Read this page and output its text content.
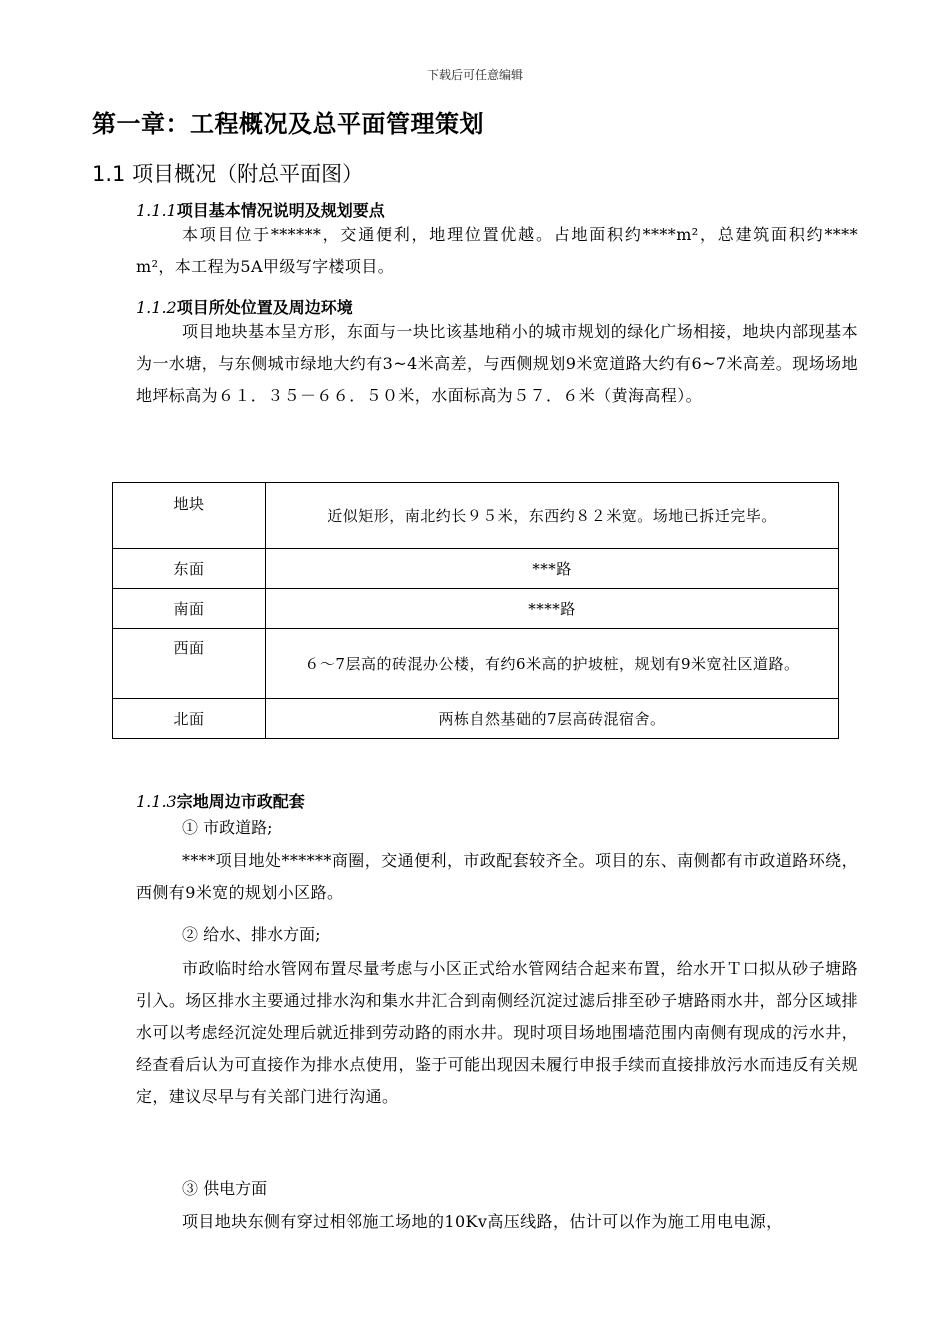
下载后可任意编辑
第一章：工程概况及总平面管理策划
1.1 项目概况（附总平面图）
1.1.1项目基本情况说明及规划要点
本项目位于******，交通便利，地理位置优越。占地面积约****m²，总建筑面积约**** m²，本工程为5A甲级写字楼项目。
1.1.2项目所处位置及周边环境
项目地块基本呈方形，东面与一块比该基地稍小的城市规划的绿化广场相接，地块内部现基本为一水塘，与东侧城市绿地大约有3~4米高差，与西侧规划9米宽道路大约有6~7米高差。现场场地地坪标高为６１．３５－６６．５０米，水面标高为５７．６米（黄海高程）。
地块	近似矩形，南北约长９５米，东西约８２米宽。场地已拆迁完毕。
东面	***路
南面	****路
西面	６～7层高的砖混办公楼，有约6米高的护坡桩，规划有9米宽社区道路。
北面	两栋自然基础的7层高砖混宿舍。
1.1.3宗地周边市政配套
① 市政道路;
****项目地处******商圈，交通便利，市政配套较齐全。项目的东、南侧都有市政道路环绕，西侧有9米宽的规划小区路。
② 给水、排水方面;
市政临时给水管网布置尽量考虑与小区正式给水管网结合起来布置，给水开Ｔ口拟从砂子塘路引入。场区排水主要通过排水沟和集水井汇合到南侧经沉淀过滤后排至砂子塘路雨水井，部分区域排水可以考虑经沉淀处理后就近排到劳动路的雨水井。现时项目场地围墙范围内南侧有现成的污水井，经查看后认为可直接作为排水点使用，鉴于可能出现因未履行申报手续而直接排放污水而违反有关规定，建议尽早与有关部门进行沟通。
③ 供电方面
项目地块东侧有穿过相邻施工场地的10Kv高压线路，估计可以作为施工用电电源，
